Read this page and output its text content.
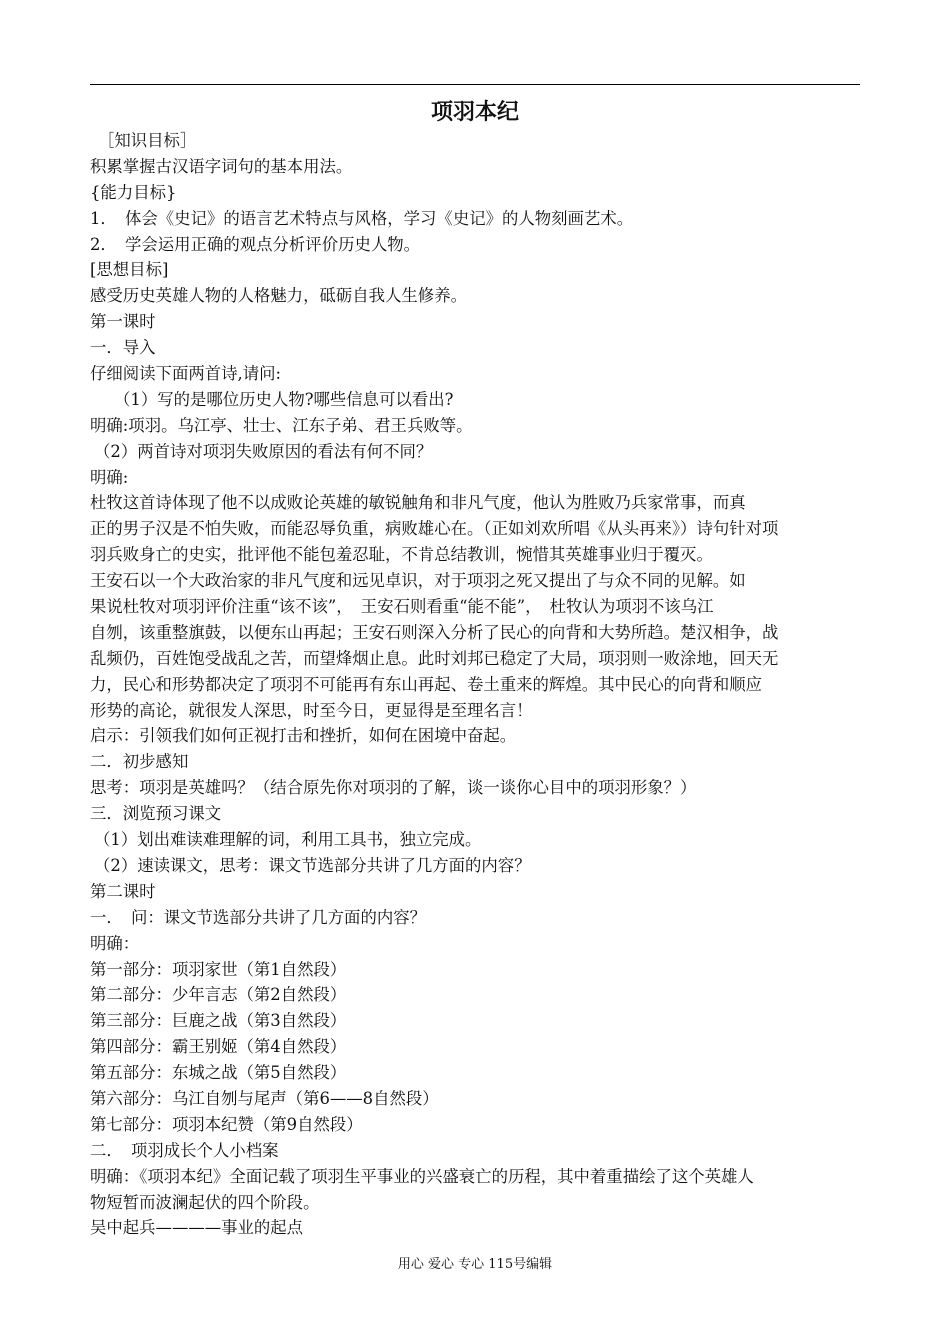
项羽本纪
［知识目标］
积累掌握古汉语字词句的基本用法。
{能力目标}
1．　体会《史记》的语言艺术特点与风格，学习《史记》的人物刻画艺术。
2．　学会运用正确的观点分析评价历史人物。
[思想目标]
感受历史英雄人物的人格魅力，砥砺自我人生修养。
第一课时
一．导入
仔细阅读下面两首诗,请问:
（1）写的是哪位历史人物?哪些信息可以看出?
明确:项羽。乌江亭、壮士、江东子弟、君王兵败等。
（2）两首诗对项羽失败原因的看法有何不同？
明确:
杜牧这首诗体现了他不以成败论英雄的敏锐触角和非凡气度，他认为胜败乃兵家常事，而真
正的男子汉是不怕失败，而能忍辱负重，病败雄心在。（正如刘欢所唱《从头再来》）诗句针对项
羽兵败身亡的史实，批评他不能包羞忍耻，不肯总结教训，惋惜其英雄事业归于覆灭。
王安石以一个大政治家的非凡气度和远见卓识，对于项羽之死又提出了与众不同的见解。如
果说杜牧对项羽评价注重“该不该”，　王安石则看重“能不能”，　杜牧认为项羽不该乌江
自刎，该重整旗鼓，以便东山再起；王安石则深入分析了民心的向背和大势所趋。楚汉相争，战
乱频仍，百姓饱受战乱之苦，而望烽烟止息。此时刘邦已稳定了大局，项羽则一败涂地，回天无
力，民心和形势都决定了项羽不可能再有东山再起、卷土重来的辉煌。其中民心的向背和顺应
形势的高论，就很发人深思，时至今日，更显得是至理名言！
启示：引领我们如何正视打击和挫折，如何在困境中奋起。
二．初步感知
思考：项羽是英雄吗？（结合原先你对项羽的了解，谈一谈你心目中的项羽形象？）
三．浏览预习课文
（1）划出难读难理解的词，利用工具书，独立完成。
（2）速读课文，思考：课文节选部分共讲了几方面的内容？
第二课时
一．　问：课文节选部分共讲了几方面的内容？
明确：
第一部分：项羽家世（第1自然段）
第二部分：少年言志（第2自然段）
第三部分：巨鹿之战（第3自然段）
第四部分：霸王别姬（第4自然段）
第五部分：东城之战（第5自然段）
第六部分：乌江自刎与尾声（第6——8自然段）
第七部分：项羽本纪赞（第9自然段）
二．　项羽成长个人小档案
明确：《项羽本纪》全面记载了项羽生平事业的兴盛衰亡的历程，其中着重描绘了这个英雄人
物短暂而波澜起伏的四个阶段。
吴中起兵————事业的起点
用心 爱心 专心 115号编辑
